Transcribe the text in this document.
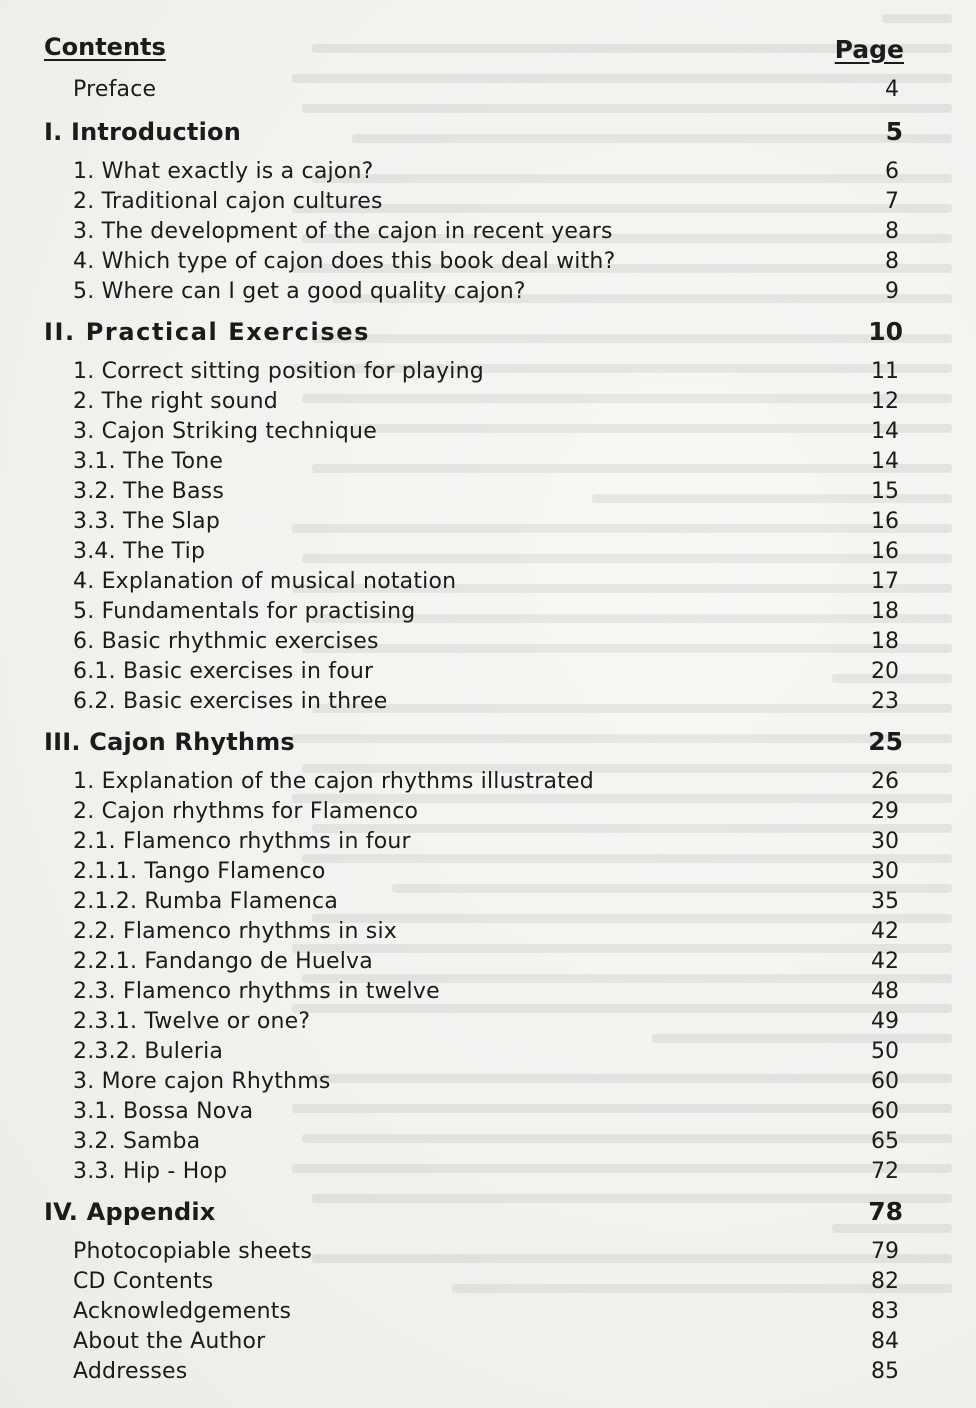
Contents	Page
Preface	4
I. Introduction	5
1. What exactly is a cajon?	6
2. Traditional cajon cultures	7
3. The development of the cajon in recent years	8
4. Which type of cajon does this book deal with?	8
5. Where can I get a good quality cajon?	9
II. Practical Exercises	10
1. Correct sitting position for playing	11
2. The right sound	12
3. Cajon Striking technique	14
3.1. The Tone	14
3.2. The Bass	15
3.3. The Slap	16
3.4. The Tip	16
4. Explanation of musical notation	17
5. Fundamentals for practising	18
6. Basic rhythmic exercises	18
6.1. Basic exercises in four	20
6.2. Basic exercises in three	23
III. Cajon Rhythms	25
1. Explanation of the cajon rhythms illustrated	26
2. Cajon rhythms for Flamenco	29
2.1. Flamenco rhythms in four	30
2.1.1. Tango Flamenco	30
2.1.2. Rumba Flamenca	35
2.2. Flamenco rhythms in six	42
2.2.1. Fandango de Huelva	42
2.3. Flamenco rhythms in twelve	48
2.3.1. Twelve or one?	49
2.3.2. Buleria	50
3. More cajon Rhythms	60
3.1. Bossa Nova	60
3.2. Samba	65
3.3. Hip - Hop	72
IV. Appendix	78
Photocopiable sheets	79
CD Contents	82
Acknowledgements	83
About the Author	84
Addresses	85
